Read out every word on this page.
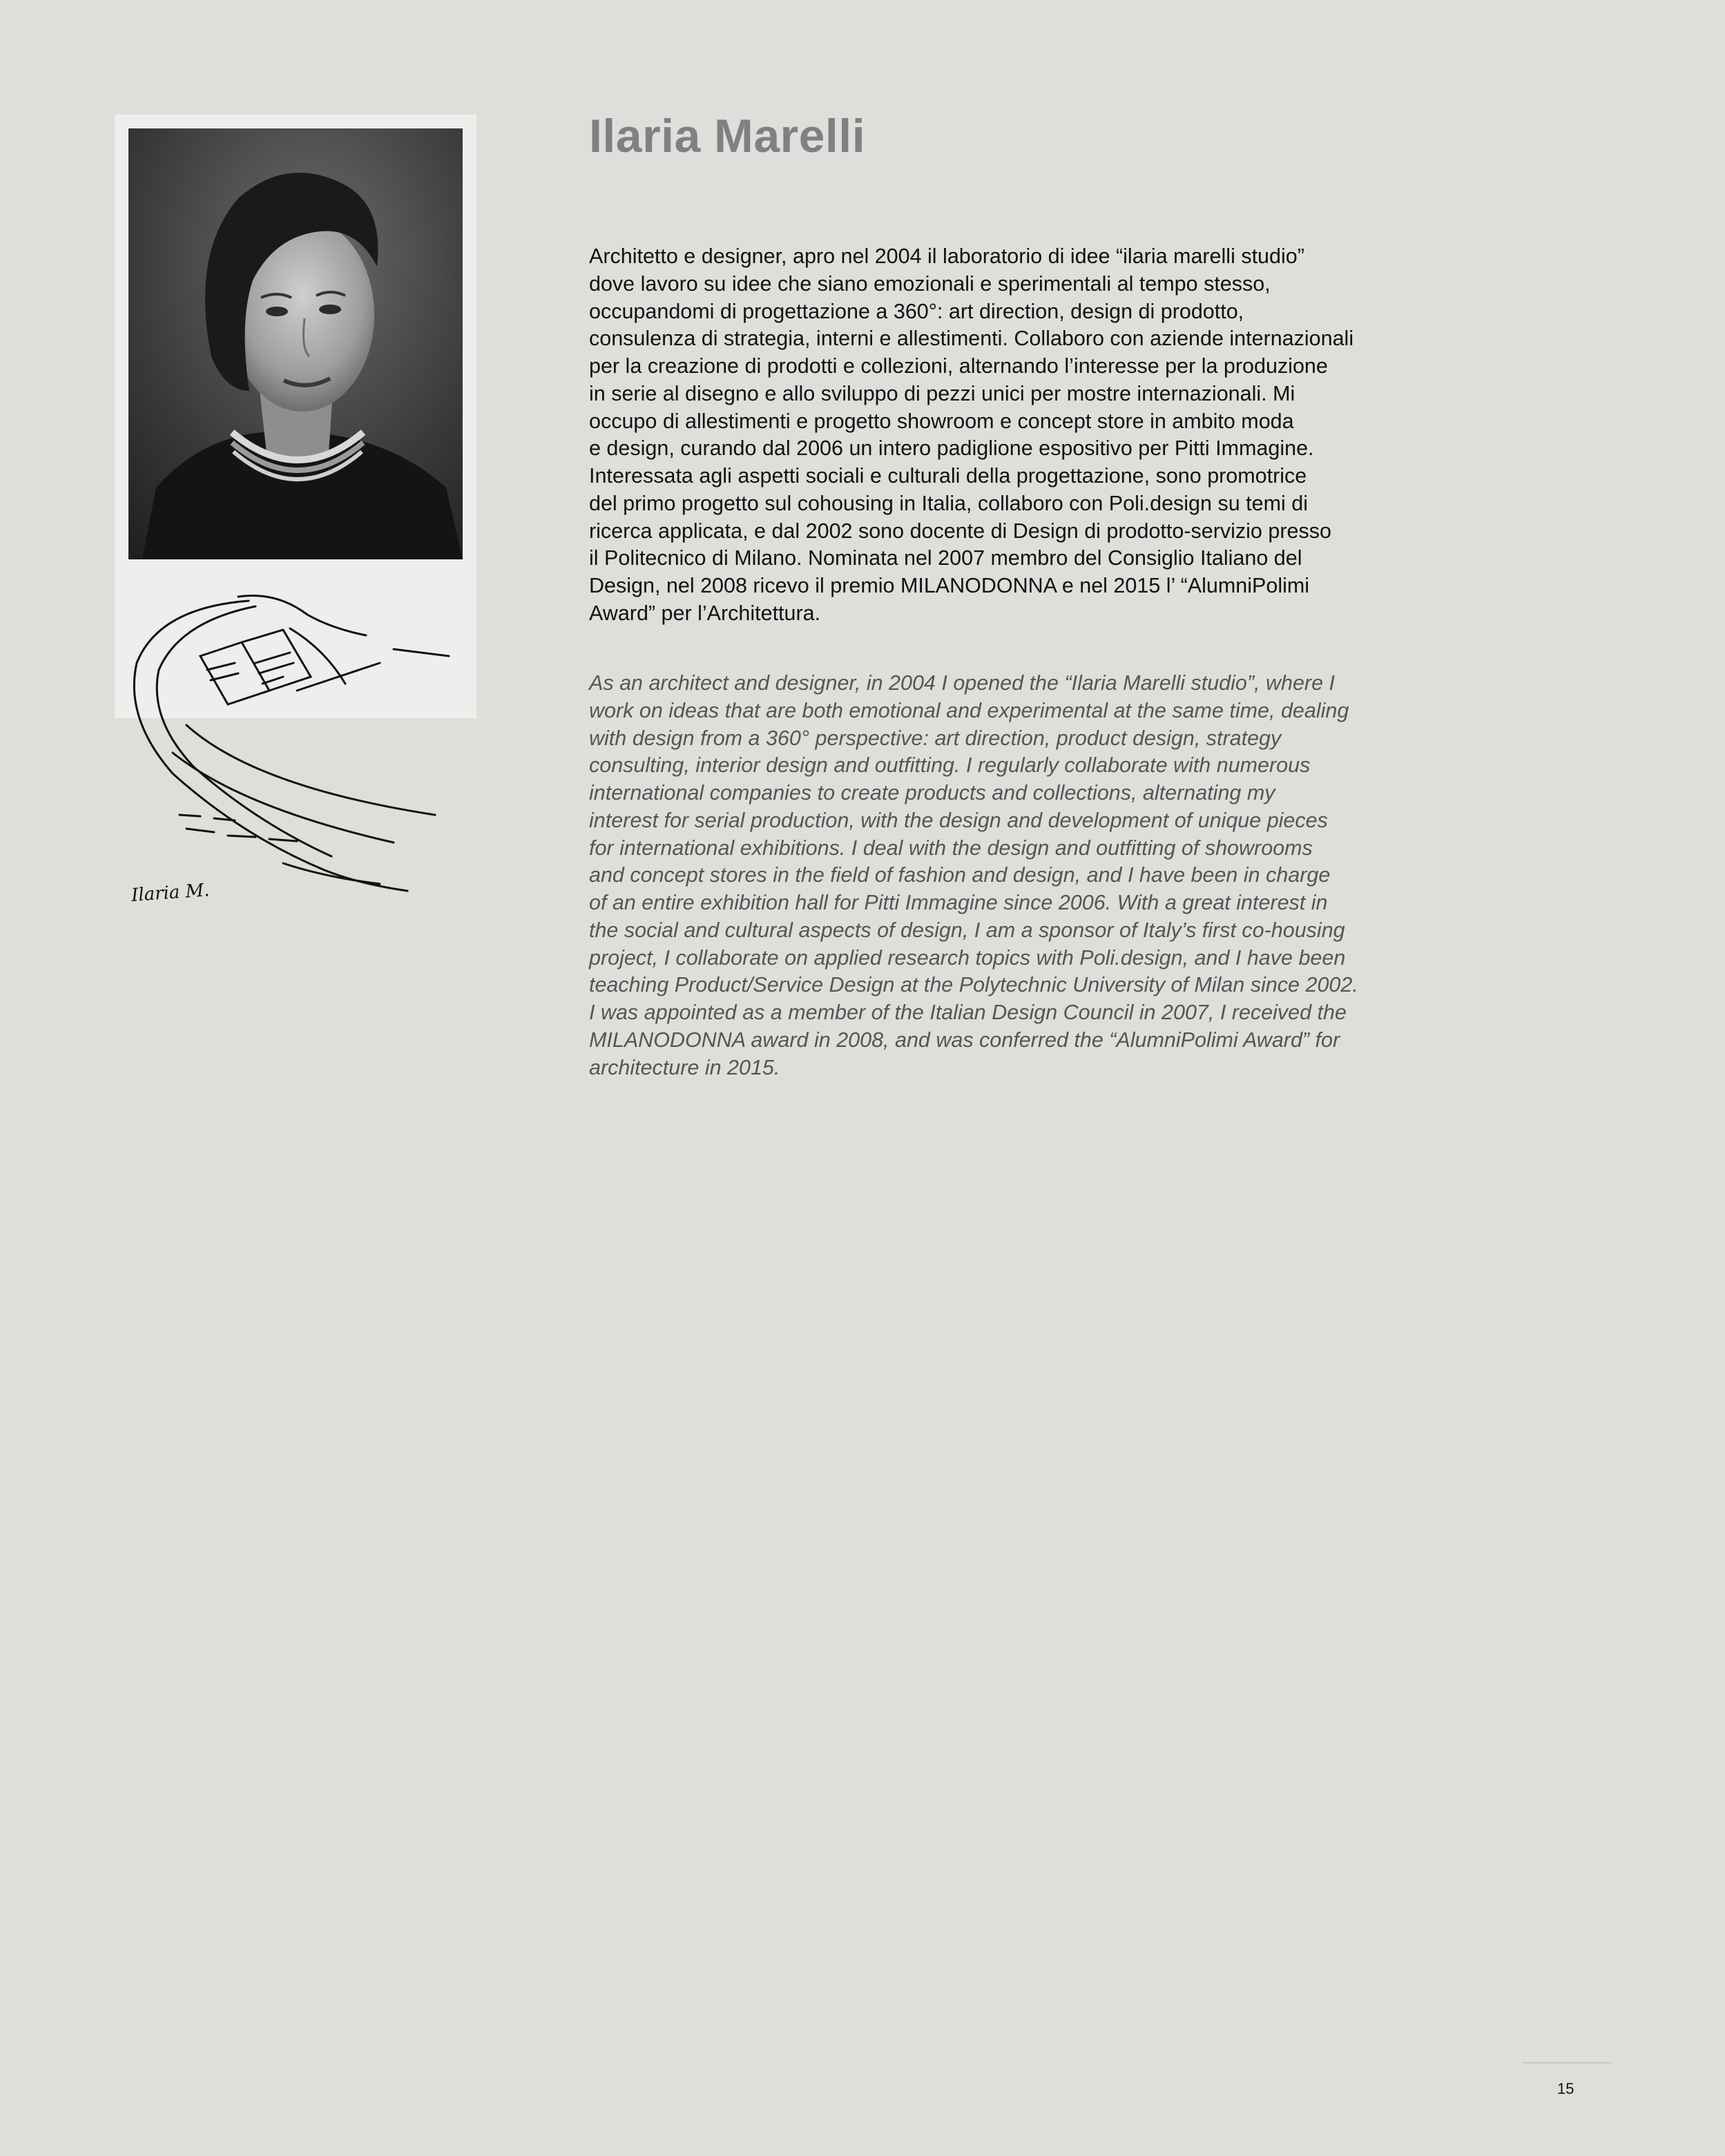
Ilaria M.
Ilaria Marelli

Architetto e designer, apro nel 2004 il laboratorio di idee “ilaria marelli studio”
dove lavoro su idee che siano emozionali e sperimentali al tempo stesso,
occupandomi di progettazione a 360°: art direction, design di prodotto,
consulenza di strategia, interni e allestimenti. Collaboro con aziende internazionali
per la creazione di prodotti e collezioni, alternando l’interesse per la produzione
in serie al disegno e allo sviluppo di pezzi unici per mostre internazionali. Mi
occupo di allestimenti e progetto showroom e concept store in ambito moda
e design, curando dal 2006 un intero padiglione espositivo per Pitti Immagine.
Interessata agli aspetti sociali e culturali della progettazione, sono promotrice
del primo progetto sul cohousing in Italia, collaboro con Poli.design su temi di
ricerca applicata, e dal 2002 sono docente di Design di prodotto-servizio presso
il Politecnico di Milano. Nominata nel 2007 membro del Consiglio Italiano del
Design, nel 2008 ricevo il premio MILANODONNA e nel 2015 l’ “AlumniPolimi
Award” per l’Architettura.

As an architect and designer, in 2004 I opened the “Ilaria Marelli studio”, where I
work on ideas that are both emotional and experimental at the same time, dealing
with design from a 360° perspective: art direction, product design, strategy
consulting, interior design and outfitting. I regularly collaborate with numerous
international companies to create products and collections, alternating my
interest for serial production, with the design and development of unique pieces
for international exhibitions. I deal with the design and outfitting of showrooms
and concept stores in the field of fashion and design, and I have been in charge
of an entire exhibition hall for Pitti Immagine since 2006. With a great interest in
the social and cultural aspects of design, I am a sponsor of Italy’s first co-housing
project, I collaborate on applied research topics with Poli.design, and I have been
teaching Product/Service Design at the Polytechnic University of Milan since 2002.
I was appointed as a member of the Italian Design Council in 2007, I received the
MILANODONNA award in 2008, and was conferred the “AlumniPolimi Award” for
architecture in 2015.

15
